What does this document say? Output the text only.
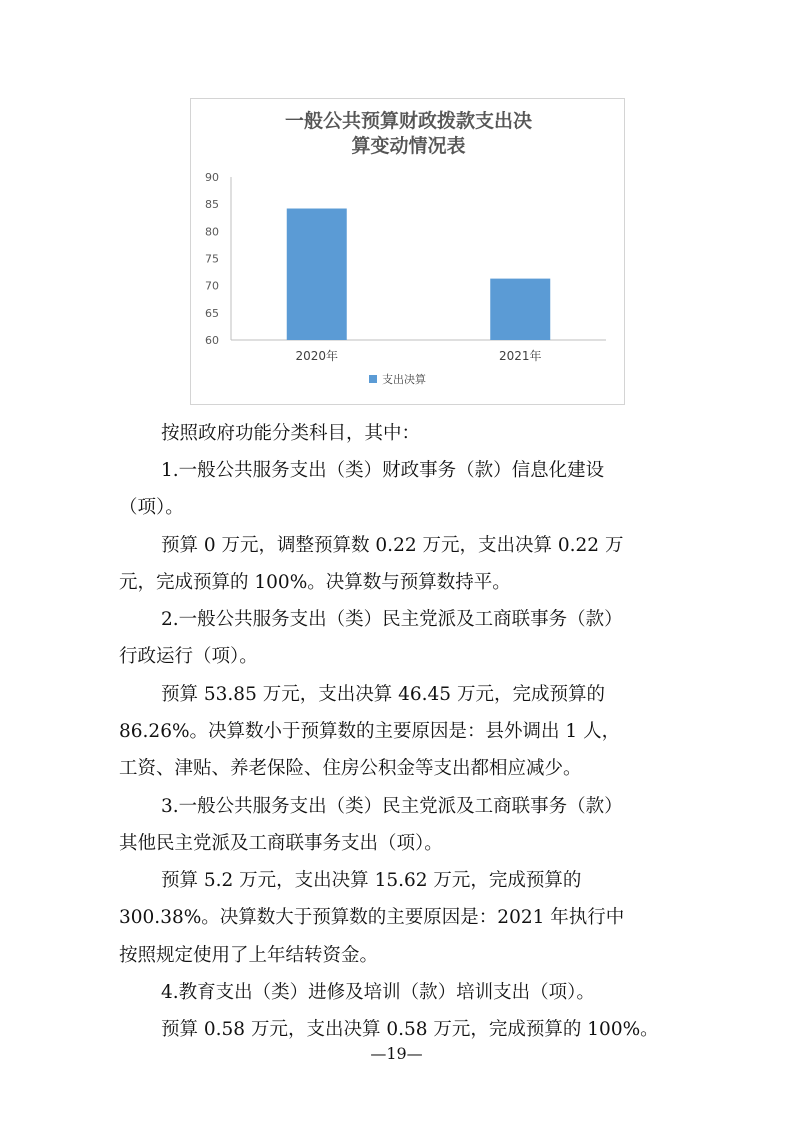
一般公共预算财政拨款支出决
算变动情况表
60
65
70
75
80
85
90
2020年	2021年
支出决算
按照政府功能分类科目，其中：
1.一般公共服务支出（类）财政事务（款）信息化建设
（项）。
预算 0 万元，调整预算数 0.22 万元，支出决算 0.22 万
元，完成预算的 100%。决算数与预算数持平。
2.一般公共服务支出（类）民主党派及工商联事务（款）
行政运行（项）。
预算 53.85 万元，支出决算 46.45 万元，完成预算的
86.26%。决算数小于预算数的主要原因是：县外调出 1 人，
工资、津贴、养老保险、住房公积金等支出都相应减少。
3.一般公共服务支出（类）民主党派及工商联事务（款）
其他民主党派及工商联事务支出（项）。
预算 5.2 万元，支出决算 15.62 万元，完成预算的
300.38%。决算数大于预算数的主要原因是：2021 年执行中
按照规定使用了上年结转资金。
4.教育支出（类）进修及培训（款）培训支出（项）。
预算 0.58 万元，支出决算 0.58 万元，完成预算的 100%。
—19—
